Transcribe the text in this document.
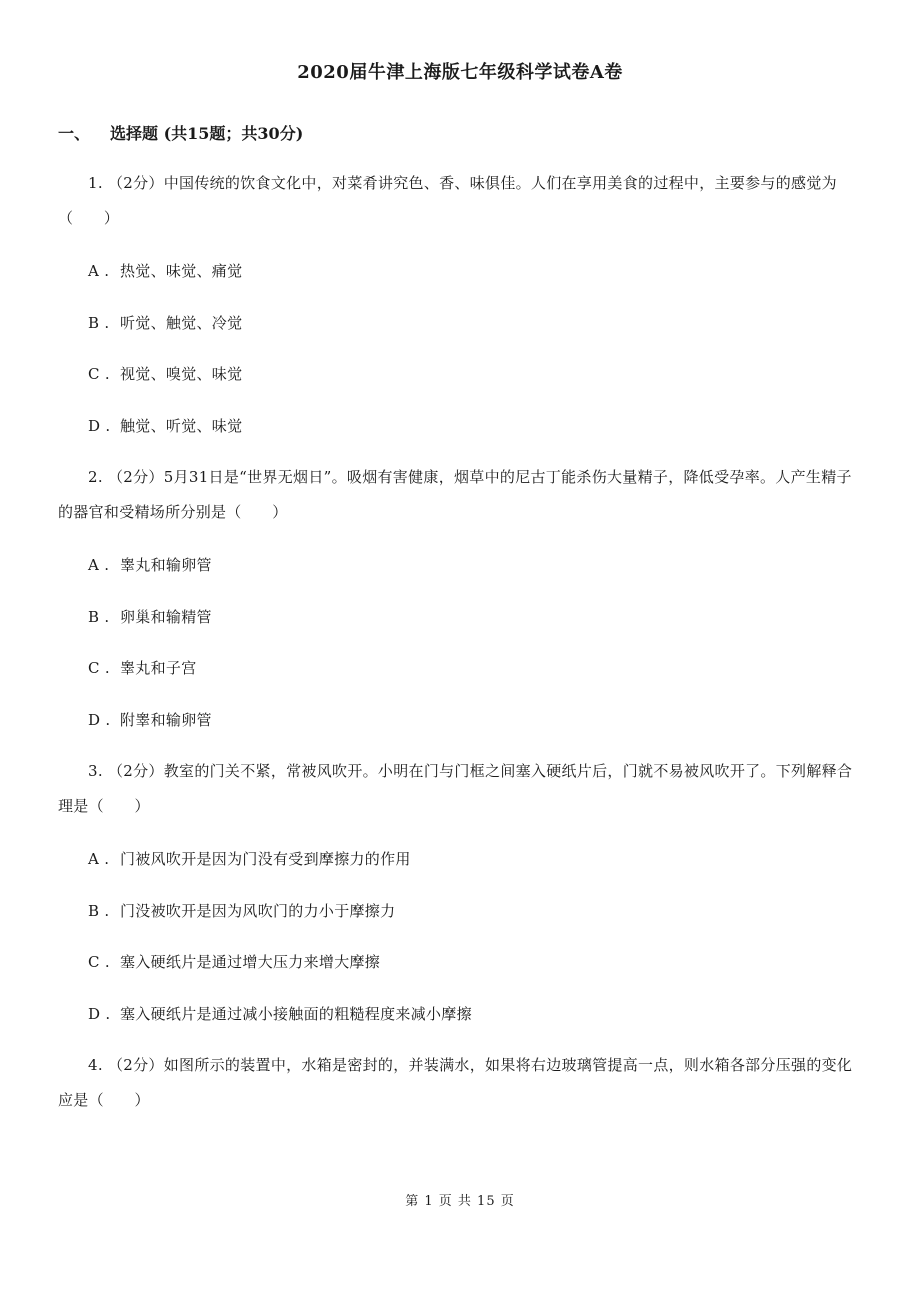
2020届牛津上海版七年级科学试卷A卷
一、 选择题 (共15题；共30分)
1. （2分）中国传统的饮食文化中，对菜肴讲究色、香、味俱佳。人们在享用美食的过程中，主要参与的感觉为 （　　）
A . 热觉、味觉、痛觉
B . 听觉、触觉、冷觉
C . 视觉、嗅觉、味觉
D . 触觉、听觉、味觉
2. （2分）5月31日是“世界无烟日”。吸烟有害健康，烟草中的尼古丁能杀伤大量精子，降低受孕率。人产生精子的器官和受精场所分别是（　　）
A . 睾丸和输卵管
B . 卵巢和输精管
C . 睾丸和子宫
D . 附睾和输卵管
3. （2分）教室的门关不紧，常被风吹开。小明在门与门框之间塞入硬纸片后，门就不易被风吹开了。下列解释合理是（　　）
A . 门被风吹开是因为门没有受到摩擦力的作用
B . 门没被吹开是因为风吹门的力小于摩擦力
C . 塞入硬纸片是通过增大压力来增大摩擦
D . 塞入硬纸片是通过减小接触面的粗糙程度来减小摩擦
4. （2分）如图所示的装置中，水箱是密封的，并装满水，如果将右边玻璃管提高一点，则水箱各部分压强的变化应是（　　）
第 1 页 共 15 页
